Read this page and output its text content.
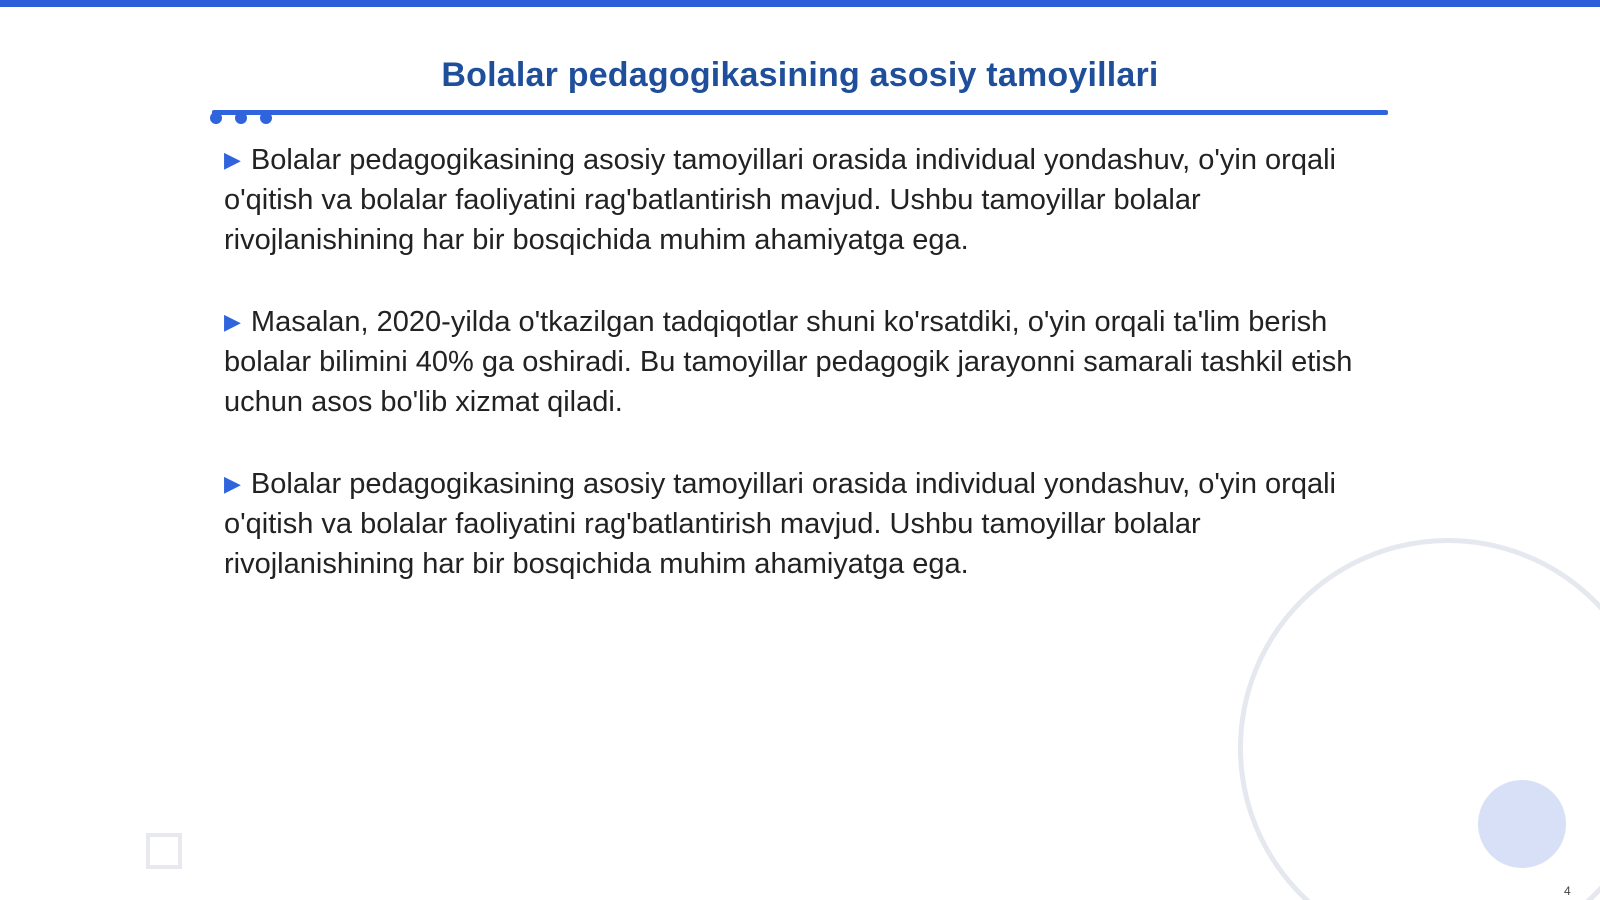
Bolalar pedagogikasining asosiy tamoyillari

▶ Bolalar pedagogikasining asosiy tamoyillari orasida individual yondashuv, o'yin orqali o'qitish va bolalar faoliyatini rag'batlantirish mavjud. Ushbu tamoyillar bolalar rivojlanishining har bir bosqichida muhim ahamiyatga ega.

▶ Masalan, 2020-yilda o'tkazilgan tadqiqotlar shuni ko'rsatdiki, o'yin orqali ta'lim berish bolalar bilimini 40% ga oshiradi. Bu tamoyillar pedagogik jarayonni samarali tashkil etish uchun asos bo'lib xizmat qiladi.

▶ Bolalar pedagogikasining asosiy tamoyillari orasida individual yondashuv, o'yin orqali o'qitish va bolalar faoliyatini rag'batlantirish mavjud. Ushbu tamoyillar bolalar rivojlanishining har bir bosqichida muhim ahamiyatga ega.

4
